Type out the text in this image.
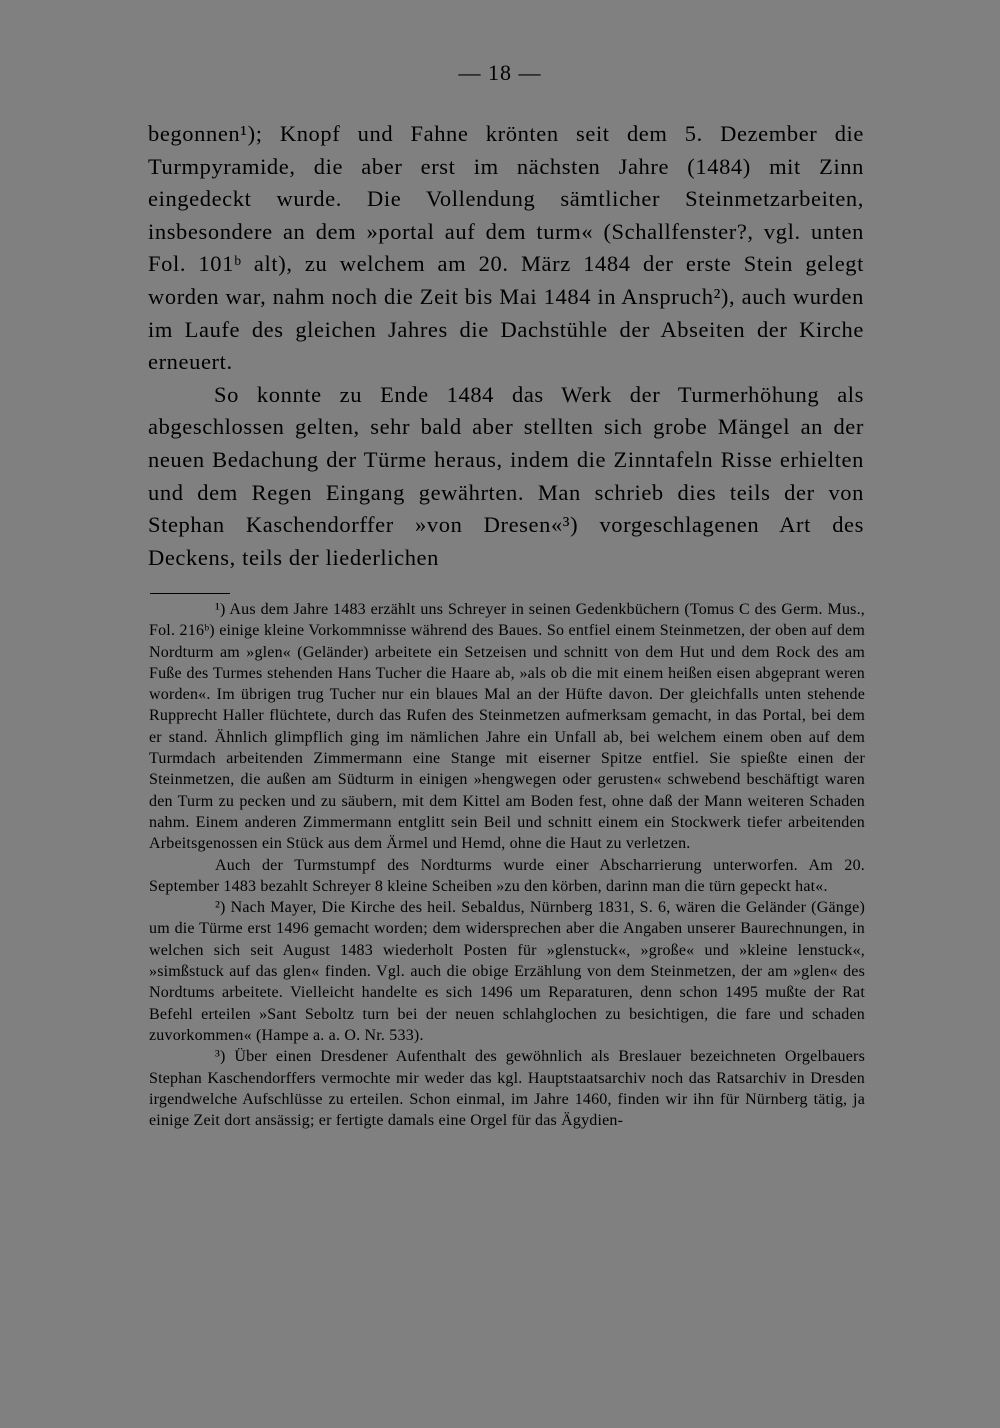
— 18 —

begonnen¹); Knopf und Fahne krönten seit dem 5. Dezember die Turmpyramide, die aber erst im nächsten Jahre (1484) mit Zinn eingedeckt wurde. Die Vollendung sämtlicher Steinmetzarbeiten, insbesondere an dem »portal auf dem turm« (Schallfenster?, vgl. unten Fol. 101ᵇ alt), zu welchem am 20. März 1484 der erste Stein gelegt worden war, nahm noch die Zeit bis Mai 1484 in Anspruch²), auch wurden im Laufe des gleichen Jahres die Dachstühle der Abseiten der Kirche erneuert.

So konnte zu Ende 1484 das Werk der Turmerhöhung als abgeschlossen gelten, sehr bald aber stellten sich grobe Mängel an der neuen Bedachung der Türme heraus, indem die Zinntafeln Risse erhielten und dem Regen Eingang gewährten. Man schrieb dies teils der von Stephan Kaschendorffer »von Dresen«³) vorgeschlagenen Art des Deckens, teils der liederlichen

¹) Aus dem Jahre 1483 erzählt uns Schreyer in seinen Gedenkbüchern (Tomus C des Germ. Mus., Fol. 216ᵇ) einige kleine Vorkommnisse während des Baues. So entfiel einem Steinmetzen, der oben auf dem Nordturm am »glen« (Geländer) arbeitete ein Setzeisen und schnitt von dem Hut und dem Rock des am Fuße des Turmes stehenden Hans Tucher die Haare ab, »als ob die mit einem heißen eisen abgeprant weren worden«. Im übrigen trug Tucher nur ein blaues Mal an der Hüfte davon. Der gleichfalls unten stehende Rupprecht Haller flüchtete, durch das Rufen des Steinmetzen aufmerksam gemacht, in das Portal, bei dem er stand. Ähnlich glimpflich ging im nämlichen Jahre ein Unfall ab, bei welchem einem oben auf dem Turmdach arbeitenden Zimmermann eine Stange mit eiserner Spitze entfiel. Sie spießte einen der Steinmetzen, die außen am Südturm in einigen »hengwegen oder gerusten« schwebend beschäftigt waren den Turm zu pecken und zu säubern, mit dem Kittel am Boden fest, ohne daß der Mann weiteren Schaden nahm. Einem anderen Zimmermann entglitt sein Beil und schnitt einem ein Stockwerk tiefer arbeitenden Arbeitsgenossen ein Stück aus dem Ärmel und Hemd, ohne die Haut zu verletzen.

Auch der Turmstumpf des Nordturms wurde einer Abscharrierung unterworfen. Am 20. September 1483 bezahlt Schreyer 8 kleine Scheiben »zu den körben, darinn man die türn gepeckt hat«.

²) Nach Mayer, Die Kirche des heil. Sebaldus, Nürnberg 1831, S. 6, wären die Geländer (Gänge) um die Türme erst 1496 gemacht worden; dem widersprechen aber die Angaben unserer Baurechnungen, in welchen sich seit August 1483 wiederholt Posten für »glenstuck«, »große« und »kleine lenstuck«, »simßstuck auf das glen« finden. Vgl. auch die obige Erzählung von dem Steinmetzen, der am »glen« des Nordtums arbeitete. Vielleicht handelte es sich 1496 um Reparaturen, denn schon 1495 mußte der Rat Befehl erteilen »Sant Seboltz turn bei der neuen schlahglochen zu besichtigen, die fare und schaden zuvorkommen« (Hampe a. a. O. Nr. 533).

³) Über einen Dresdener Aufenthalt des gewöhnlich als Breslauer bezeichneten Orgelbauers Stephan Kaschendorffers vermochte mir weder das kgl. Hauptstaatsarchiv noch das Ratsarchiv in Dresden irgendwelche Aufschlüsse zu erteilen. Schon einmal, im Jahre 1460, finden wir ihn für Nürnberg tätig, ja einige Zeit dort ansässig; er fertigte damals eine Orgel für das Ägydien-
